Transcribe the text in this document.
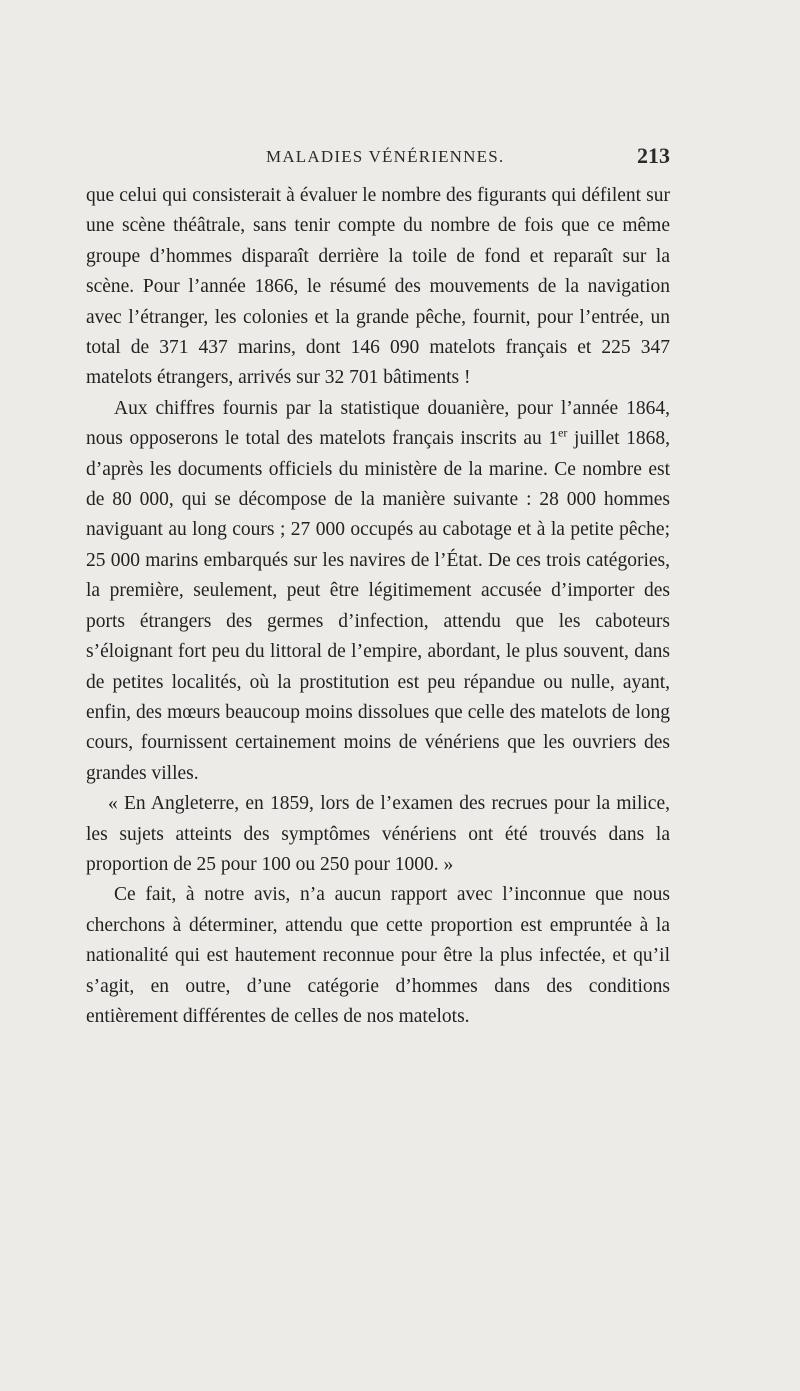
MALADIES VÉNÉRIENNES.	213

que celui qui consisterait à évaluer le nombre des figurants qui défilent sur une scène théâtrale, sans tenir compte du nombre de fois que ce même groupe d’hommes disparaît derrière la toile de fond et reparaît sur la scène. Pour l’année 1866, le résumé des mouvements de la navigation avec l’étranger, les colonies et la grande pêche, fournit, pour l’entrée, un total de 371 437 marins, dont 146 090 matelots français et 225 347 matelots étrangers, arrivés sur 32 701 bâtiments !

Aux chiffres fournis par la statistique douanière, pour l’année 1864, nous opposerons le total des matelots français inscrits au 1er juillet 1868, d’après les documents officiels du ministère de la marine. Ce nombre est de 80 000, qui se décompose de la manière suivante : 28 000 hommes naviguant au long cours ; 27 000 occupés au cabotage et à la petite pêche; 25 000 marins embarqués sur les navires de l’État. De ces trois catégories, la première, seulement, peut être légitimement accusée d’importer des ports étrangers des germes d’infection, attendu que les caboteurs s’éloignant fort peu du littoral de l’empire, abordant, le plus souvent, dans de petites localités, où la prostitution est peu répandue ou nulle, ayant, enfin, des mœurs beaucoup moins dissolues que celle des matelots de long cours, fournissent certainement moins de vénériens que les ouvriers des grandes villes.

« En Angleterre, en 1859, lors de l’examen des recrues pour la milice, les sujets atteints des symptômes vénériens ont été trouvés dans la proportion de 25 pour 100 ou 250 pour 1000. »

Ce fait, à notre avis, n’a aucun rapport avec l’inconnue que nous cherchons à déterminer, attendu que cette proportion est empruntée à la nationalité qui est hautement reconnue pour être la plus infectée, et qu’il s’agit, en outre, d’une catégorie d’hommes dans des conditions entièrement différentes de celles de nos matelots.
